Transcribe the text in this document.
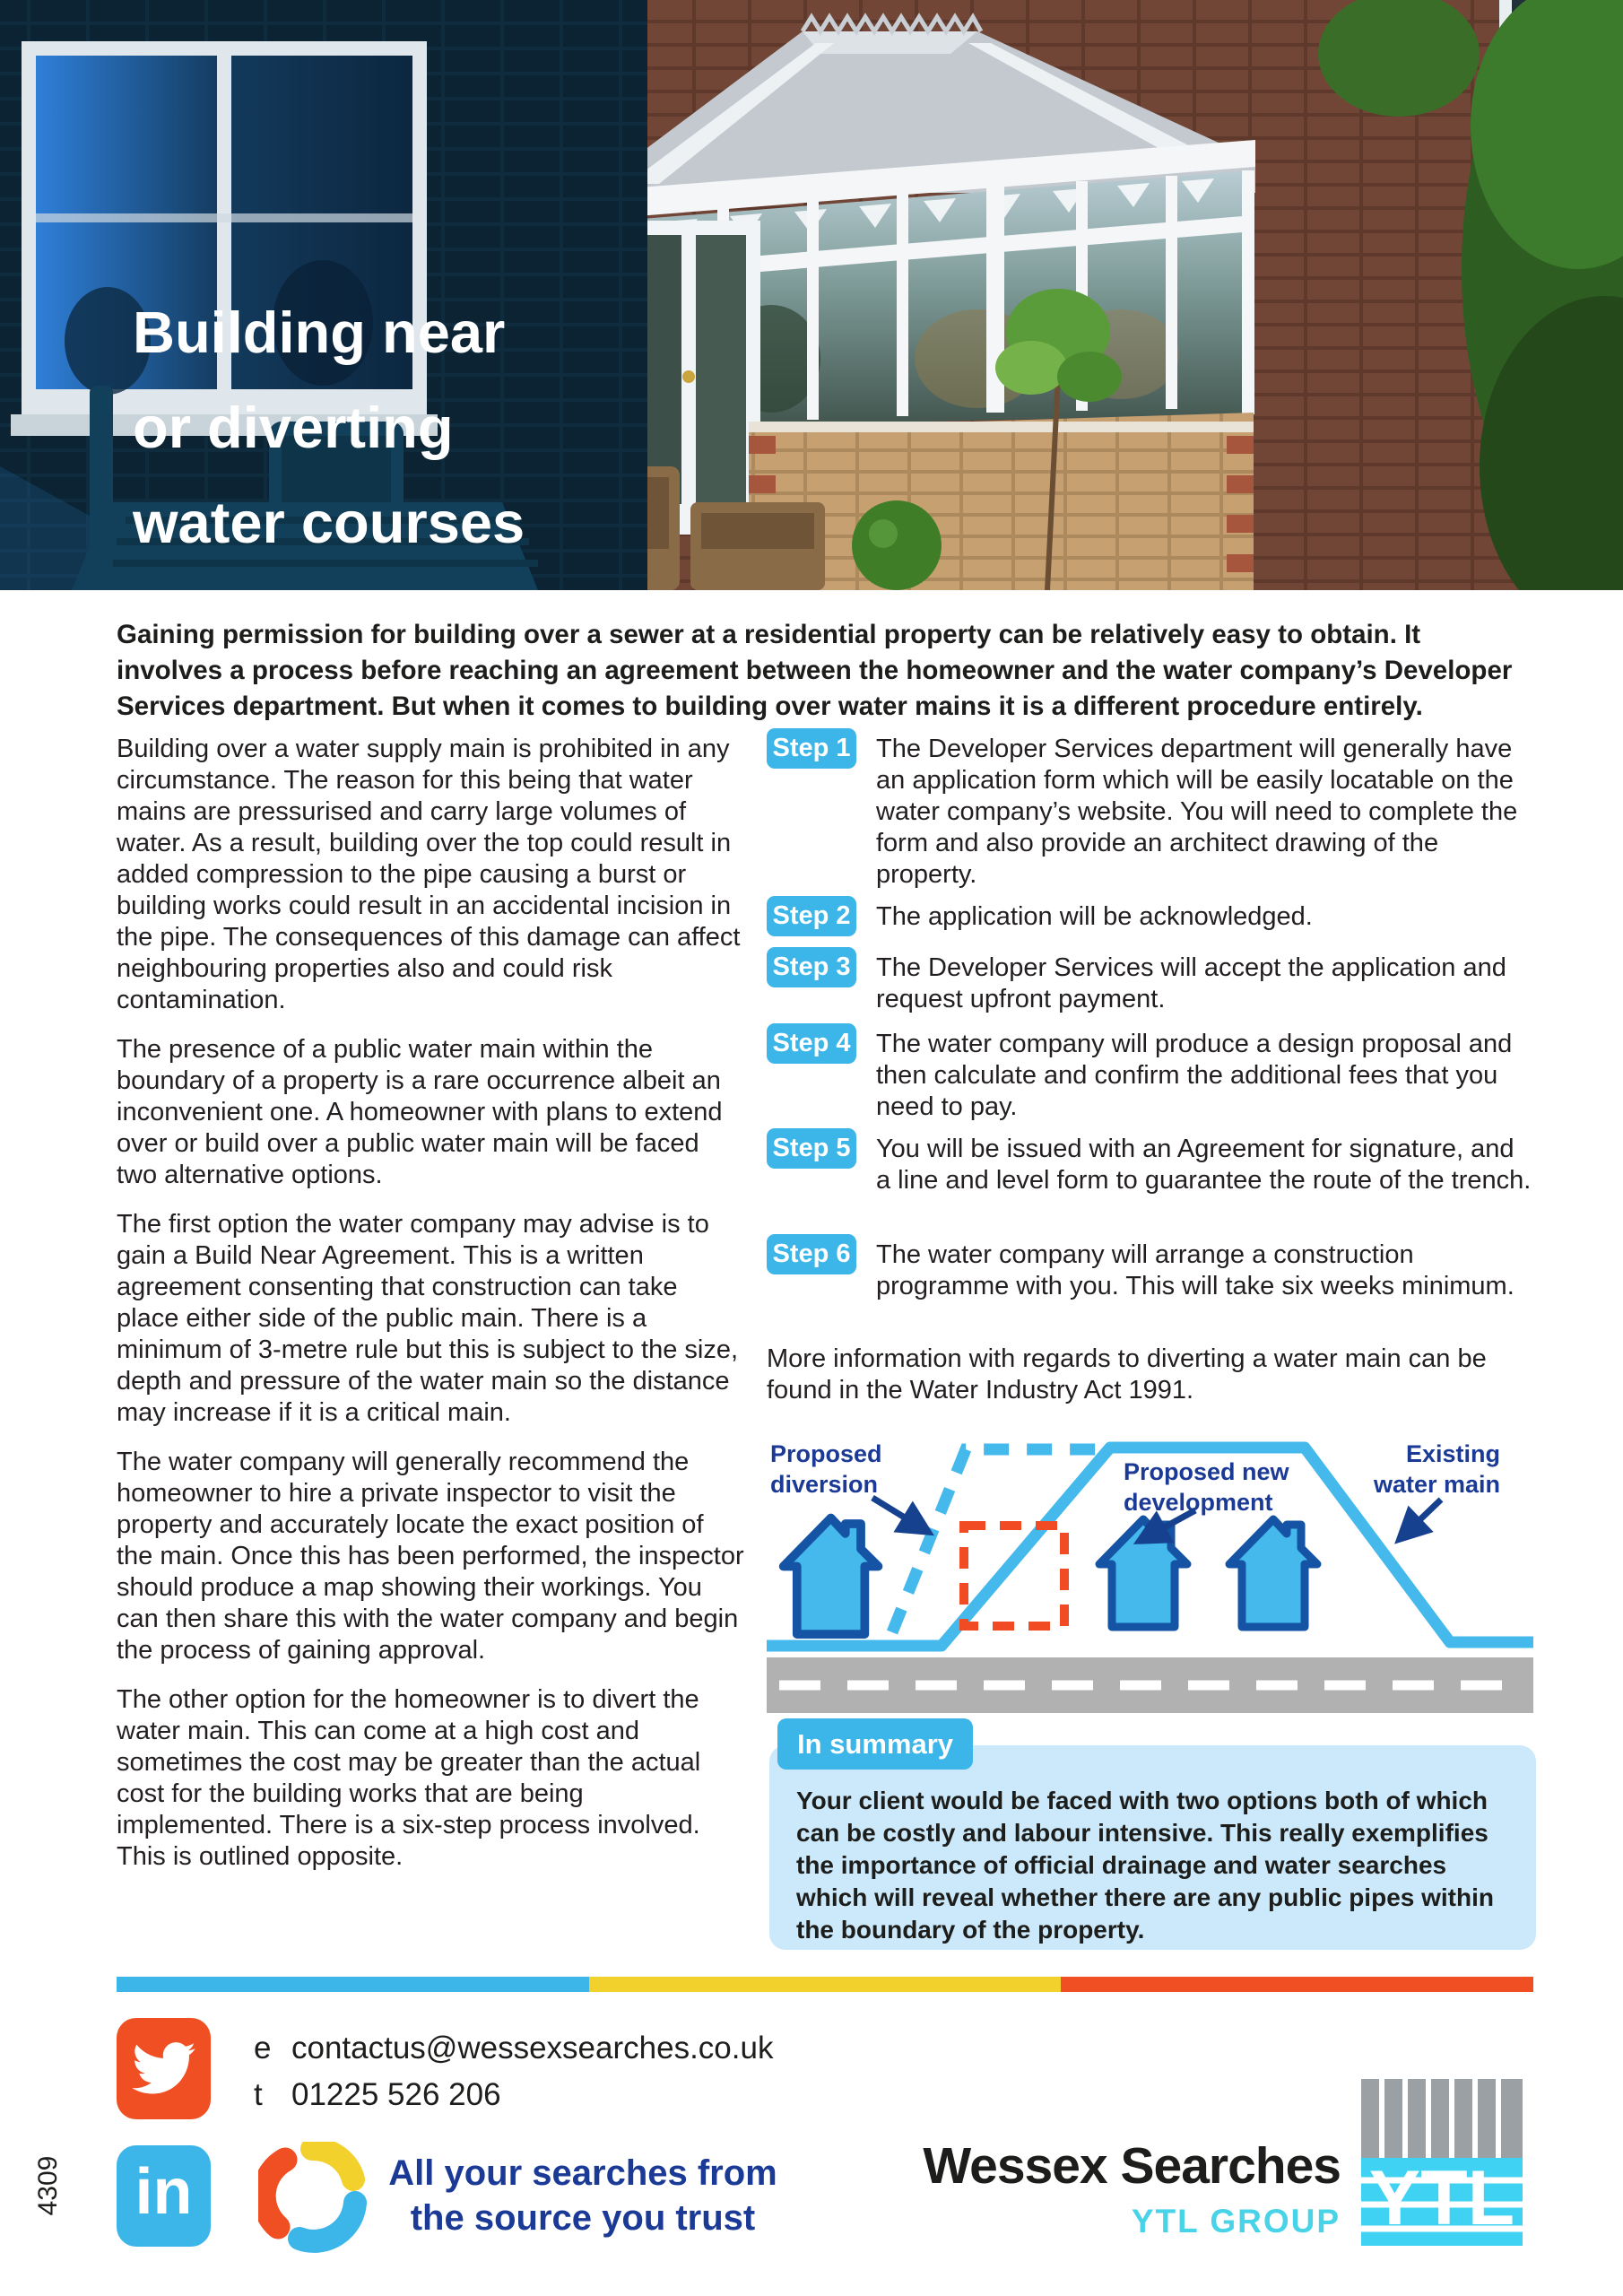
Building near
or diverting
water courses
Gaining permission for building over a sewer at a residential property can be relatively easy to obtain. It involves a process before reaching an agreement between the homeowner and the water company’s Developer Services department. But when it comes to building over water mains it is a different procedure entirely.

Building over a water supply main is prohibited in any circumstance. The reason for this being that water mains are pressurised and carry large volumes of water. As a result, building over the top could result in added compression to the pipe causing a burst or building works could result in an accidental incision in the pipe. The consequences of this damage can affect neighbouring properties also and could risk contamination.

The presence of a public water main within the boundary of a property is a rare occurrence albeit an inconvenient one. A homeowner with plans to extend over or build over a public water main will be faced two alternative options.

The first option the water company may advise is to gain a Build Near Agreement. This is a written agreement consenting that construction can take place either side of the public main. There is a minimum of 3-metre rule but this is subject to the size, depth and pressure of the water main so the distance may increase if it is a critical main.

The water company will generally recommend the homeowner to hire a private inspector to visit the property and accurately locate the exact position of the main. Once this has been performed, the inspector should produce a map showing their workings. You can then share this with the water company and begin the process of gaining approval.

The other option for the homeowner is to divert the water main. This can come at a high cost and sometimes the cost may be greater than the actual cost for the building works that are being implemented. There is a six-step process involved. This is outlined opposite.

Step 1 The Developer Services department will generally have an application form which will be easily locatable on the water company’s website. You will need to complete the form and also provide an architect drawing of the property.
Step 2 The application will be acknowledged.
Step 3 The Developer Services will accept the application and request upfront payment.
Step 4 The water company will produce a design proposal and then calculate and confirm the additional fees that you need to pay.
Step 5 You will be issued with an Agreement for signature, and a line and level form to guarantee the route of the trench.
Step 6 The water company will arrange a construction programme with you. This will take six weeks minimum.
More information with regards to diverting a water main can be found in the Water Industry Act 1991.
Proposed
diversion	Proposed new
development
Existing
water main
Your client would be faced with two options both of which can be costly and labour intensive. This really exemplifies the importance of official drainage and water searches which will reveal whether there are any public pipes within the boundary of the property.
In summary
e contactus@wessexsearches.co.uk
t 01225 526 206
in	All your searches from
the source you trust
Wessex Searches
YTL GROUP YTL
4309
